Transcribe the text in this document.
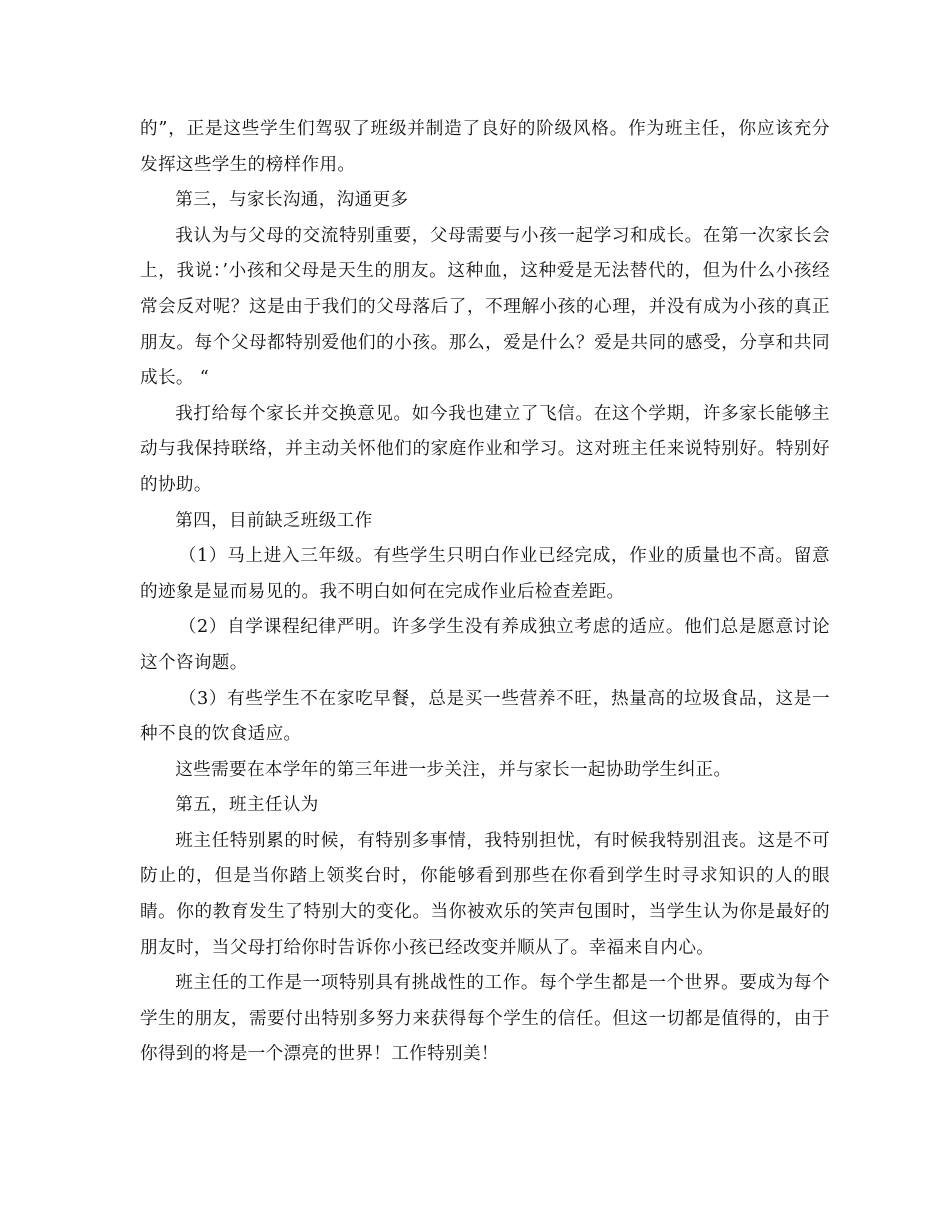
的”，正是这些学生们驾驭了班级并制造了良好的阶级风格。作为班主任，你应该充分发挥这些学生的榜样作用。

第三，与家长沟通，沟通更多

我认为与父母的交流特别重要，父母需要与小孩一起学习和成长。在第一次家长会上，我说：’小孩和父母是天生的朋友。这种血，这种爱是无法替代的，但为什么小孩经常会反对呢？这是由于我们的父母落后了，不理解小孩的心理，并没有成为小孩的真正朋友。每个父母都特别爱他们的小孩。那么，爱是什么？爱是共同的感受，分享和共同成长。 “

我打给每个家长并交换意见。如今我也建立了飞信。在这个学期，许多家长能够主动与我保持联络，并主动关怀他们的家庭作业和学习。这对班主任来说特别好。特别好的协助。

第四，目前缺乏班级工作

（1）马上进入三年级。有些学生只明白作业已经完成，作业的质量也不高。留意的迹象是显而易见的。我不明白如何在完成作业后检查差距。

（2）自学课程纪律严明。许多学生没有养成独立考虑的适应。他们总是愿意讨论这个咨询题。

（3）有些学生不在家吃早餐，总是买一些营养不旺，热量高的垃圾食品，这是一种不良的饮食适应。

这些需要在本学年的第三年进一步关注，并与家长一起协助学生纠正。

第五，班主任认为

班主任特别累的时候，有特别多事情，我特别担忧，有时候我特别沮丧。这是不可防止的，但是当你踏上领奖台时，你能够看到那些在你看到学生时寻求知识的人的眼睛。你的教育发生了特别大的变化。当你被欢乐的笑声包围时，当学生认为你是最好的朋友时，当父母打给你时告诉你小孩已经改变并顺从了。幸福来自内心。

班主任的工作是一项特别具有挑战性的工作。每个学生都是一个世界。要成为每个学生的朋友，需要付出特别多努力来获得每个学生的信任。但这一切都是值得的，由于你得到的将是一个漂亮的世界！工作特别美！
